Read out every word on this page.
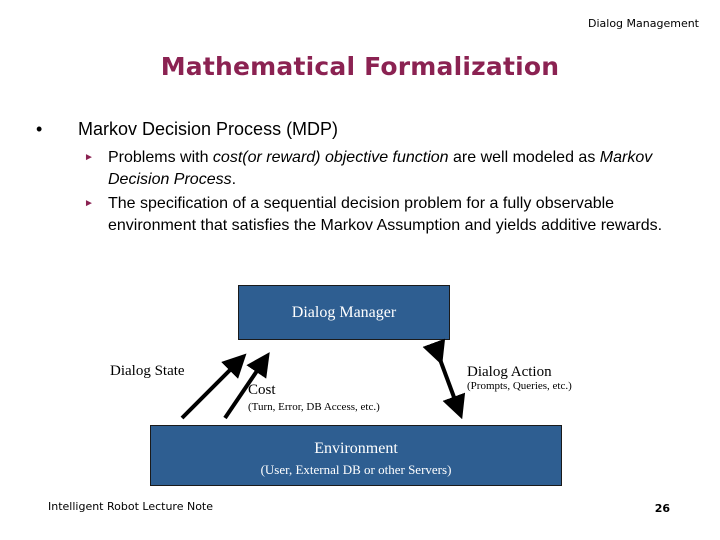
Dialog Management
Mathematical Formalization
• Markov Decision Process (MDP)
► Problems with cost(or reward) objective function are well modeled as Markov Decision Process.
► The specification of a sequential decision problem for a fully observable environment that satisfies the Markov Assumption and yields additive rewards.
Dialog Manager
Dialog State	Dialog Action
(Prompts, Queries, etc.)
Cost
(Turn, Error, DB Access, etc.)
Environment
(User, External DB or other Servers)
Intelligent Robot Lecture Note	26
